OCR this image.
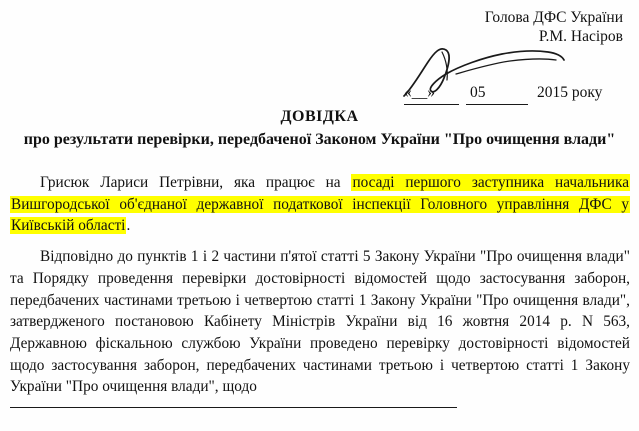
Голова ДФС України
Р.М. Насіров
«__» 05	2015 року
ДОВІДКА
про результати перевірки, передбаченої Законом України "Про очищення влади"

Грисюк Лариси Петрівни, яка працює на посаді першого заступника начальника Вишгородської об'єднаної державної податкової інспекції Головного управління ДФС у Київській області.

Відповідно до пунктів 1 і 2 частини п'ятої статті 5 Закону України "Про очищення влади" та Порядку проведення перевірки достовірності відомостей щодо застосування заборон, передбачених частинами третьою і четвертою статті 1 Закону України "Про очищення влади", затвердженого постановою Кабінету Міністрів України від 16 жовтня 2014 р. N 563, Державною фіскальною службою України проведено перевірку достовірності відомостей щодо застосування заборон, передбачених частинами третьою і четвертою статті 1 Закону України "Про очищення влади", щодо
